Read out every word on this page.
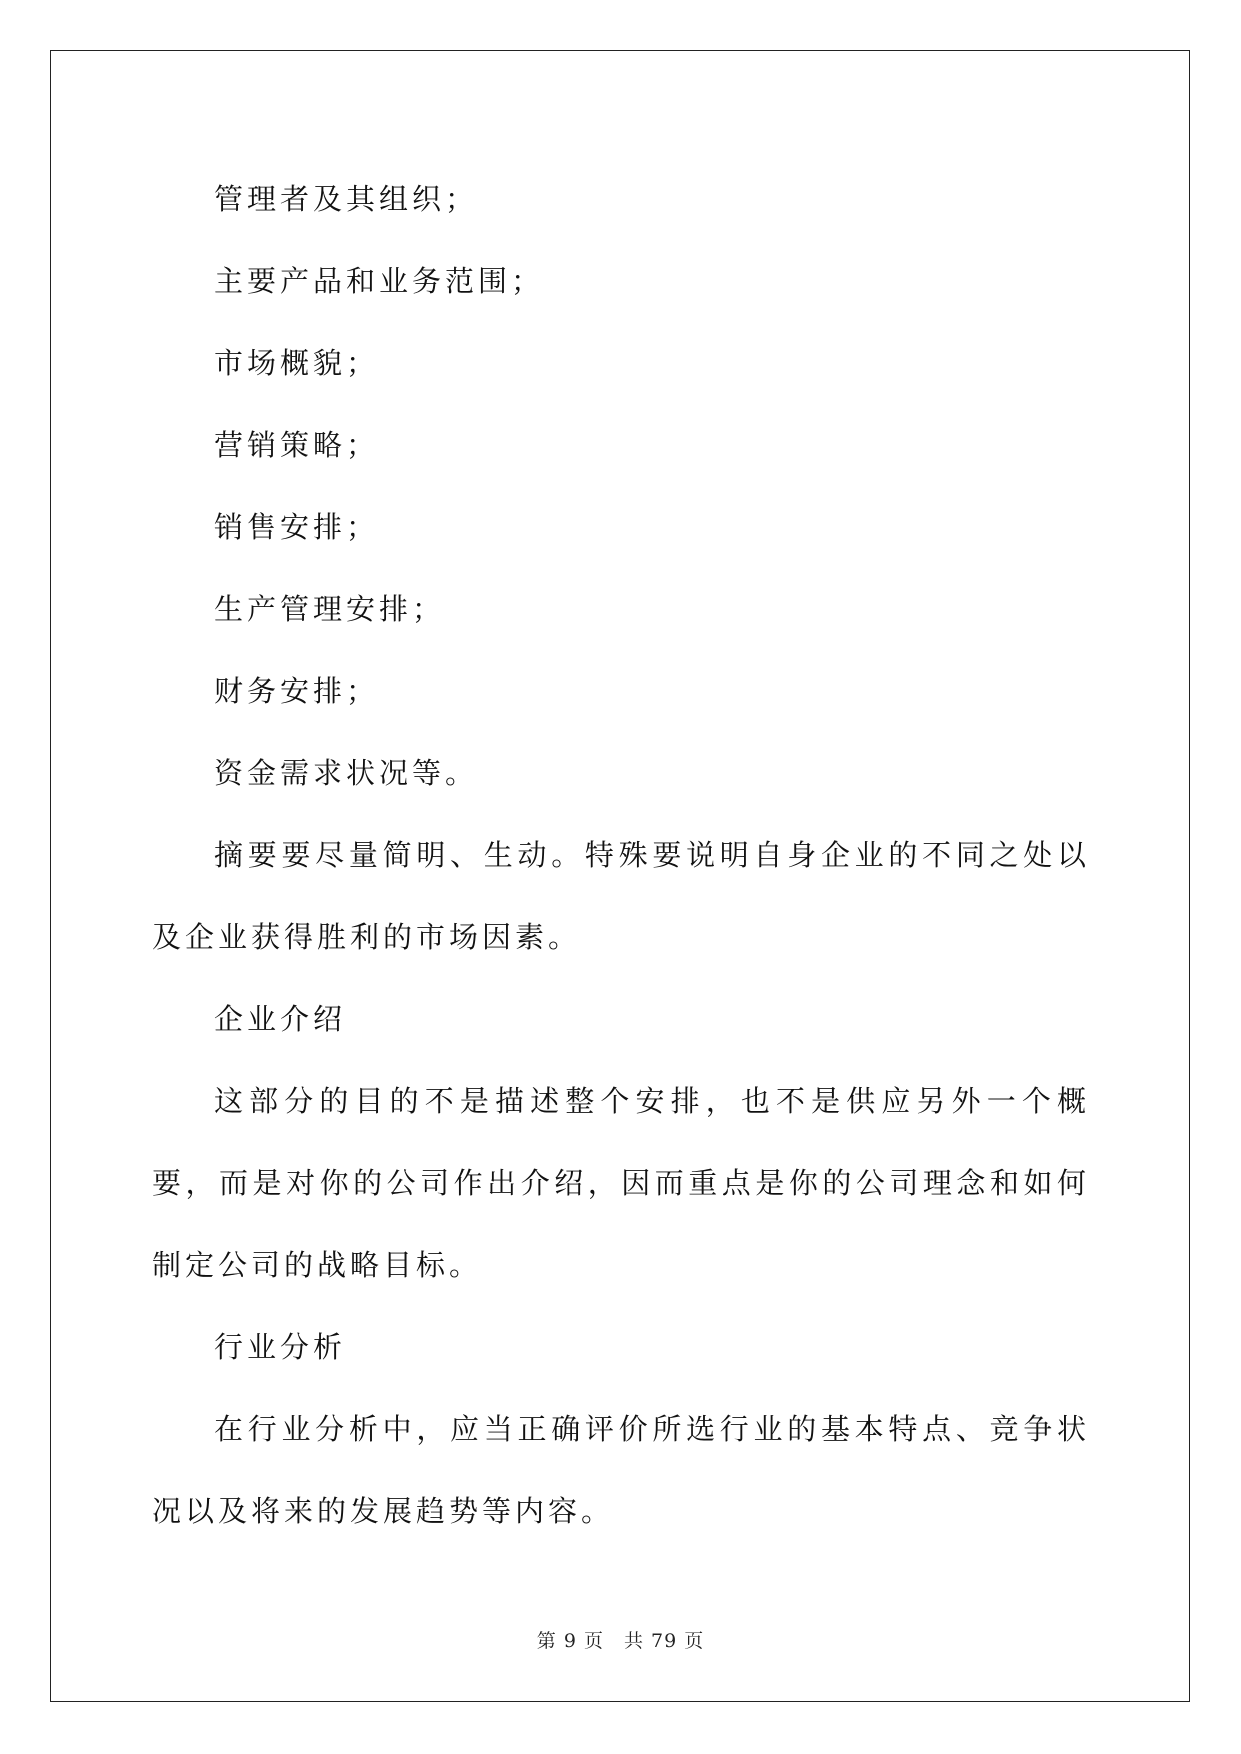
管理者及其组织；

主要产品和业务范围；

市场概貌；

营销策略；

销售安排；

生产管理安排；

财务安排；

资金需求状况等。

摘要要尽量简明、生动。特殊要说明自身企业的不同之处以及企业获得胜利的市场因素。

企业介绍

这部分的目的不是描述整个安排，也不是供应另外一个概要，而是对你的公司作出介绍，因而重点是你的公司理念和如何制定公司的战略目标。

行业分析

在行业分析中，应当正确评价所选行业的基本特点、竞争状况以及将来的发展趋势等内容。

第 9 页　共 79 页
